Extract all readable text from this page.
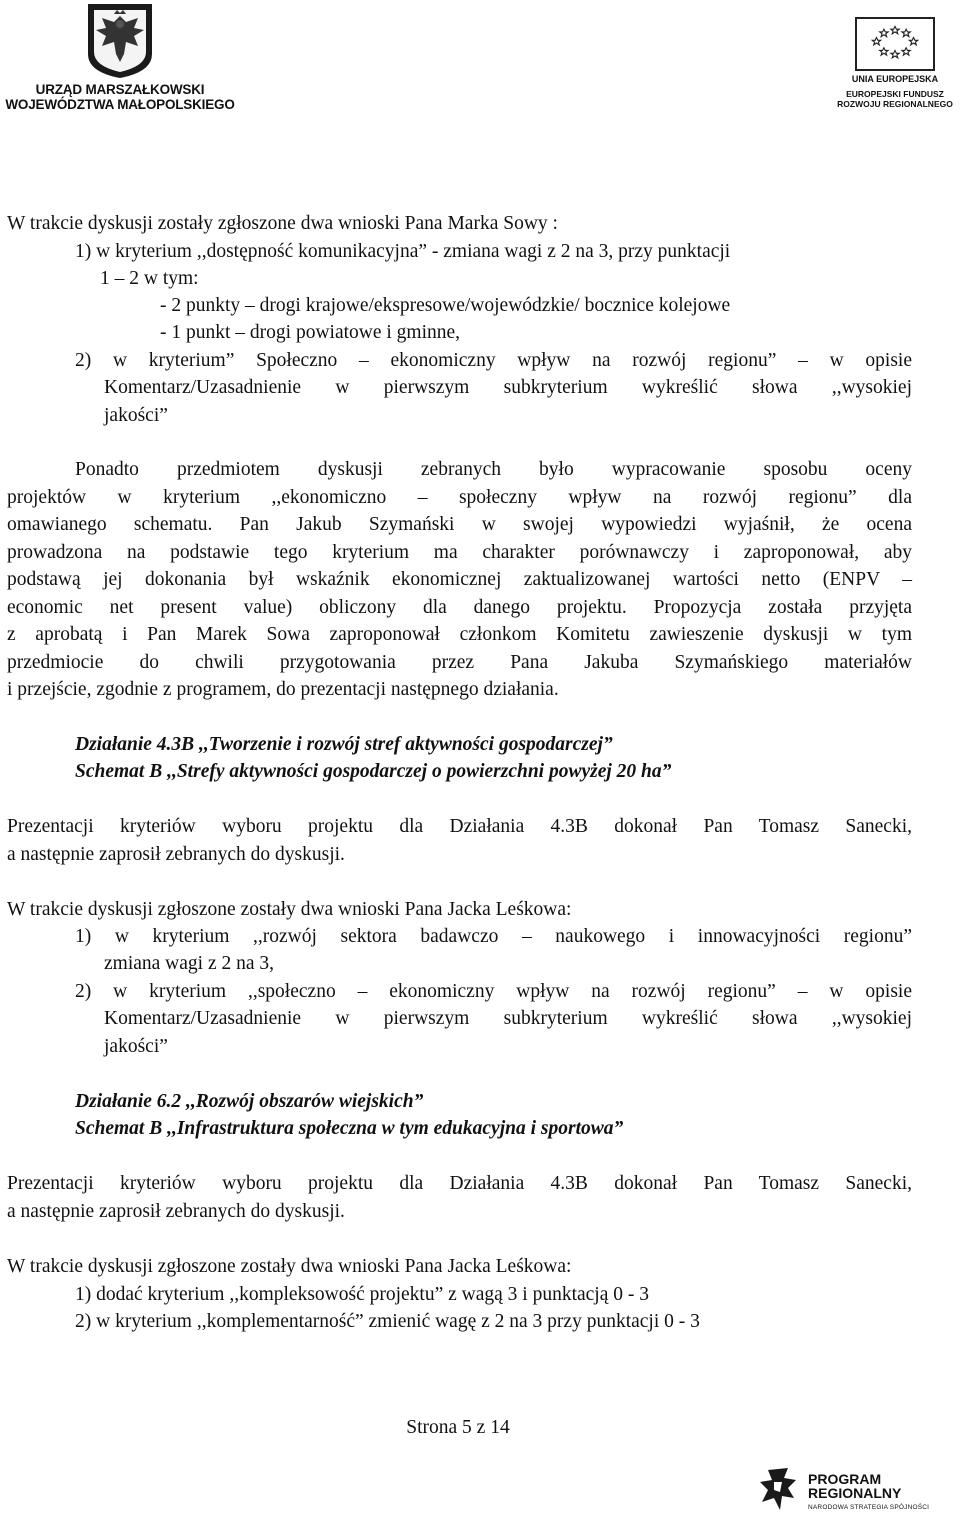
URZĄD MARSZAŁKOWSKI
WOJEWÓDZTWA MAŁOPOLSKIEGO
UNIA EUROPEJSKA
EUROPEJSKI FUNDUSZ
ROZWOJU REGIONALNEGO
W trakcie dyskusji zostały zgłoszone dwa wnioski Pana Marka Sowy :
1) w kryterium ,,dostępność komunikacyjna” - zmiana wagi z 2 na 3, przy punktacji
1 – 2 w tym:
- 2 punkty – drogi krajowe/ekspresowe/wojewódzkie/ bocznice kolejowe
- 1 punkt – drogi powiatowe i gminne,
2) w kryterium” Społeczno – ekonomiczny wpływ na rozwój regionu” – w opisie
Komentarz/Uzasadnienie w pierwszym subkryterium wykreślić słowa ,,wysokiej
jakości”
Ponadto przedmiotem dyskusji zebranych było wypracowanie sposobu oceny
projektów w kryterium ,,ekonomiczno – społeczny wpływ na rozwój regionu” dla
omawianego schematu. Pan Jakub Szymański w swojej wypowiedzi wyjaśnił, że ocena
prowadzona na podstawie tego kryterium ma charakter porównawczy i zaproponował, aby
podstawą jej dokonania był wskaźnik ekonomicznej zaktualizowanej wartości netto (ENPV –
economic net present value) obliczony dla danego projektu. Propozycja została przyjęta
z aprobatą i Pan Marek Sowa zaproponował członkom Komitetu zawieszenie dyskusji w tym
przedmiocie do chwili przygotowania przez Pana Jakuba Szymańskiego materiałów
i przejście, zgodnie z programem, do prezentacji następnego działania.
Działanie 4.3B ,,Tworzenie i rozwój stref aktywności gospodarczej”
Schemat B ,,Strefy aktywności gospodarczej o powierzchni powyżej 20 ha”
Prezentacji kryteriów wyboru projektu dla Działania 4.3B dokonał Pan Tomasz Sanecki,
a następnie zaprosił zebranych do dyskusji.
W trakcie dyskusji zgłoszone zostały dwa wnioski Pana Jacka Leśkowa:
1) w kryterium ,,rozwój sektora badawczo – naukowego i innowacyjności regionu”
zmiana wagi z 2 na 3,
2) w kryterium ,,społeczno – ekonomiczny wpływ na rozwój regionu” – w opisie
Komentarz/Uzasadnienie w pierwszym subkryterium wykreślić słowa ,,wysokiej
jakości”
Działanie 6.2 ,,Rozwój obszarów wiejskich”
Schemat B ,,Infrastruktura społeczna w tym edukacyjna i sportowa”
Prezentacji kryteriów wyboru projektu dla Działania 4.3B dokonał Pan Tomasz Sanecki,
a następnie zaprosił zebranych do dyskusji.
W trakcie dyskusji zgłoszone zostały dwa wnioski Pana Jacka Leśkowa:
1) dodać kryterium ,,kompleksowość projektu” z wagą 3 i punktacją 0 - 3
2) w kryterium ,,komplementarność” zmienić wagę z 2 na 3 przy punktacji 0 - 3
Strona 5 z 14
PROGRAM
REGIONALNY
NARODOWA STRATEGIA SPÓJNOŚCI
